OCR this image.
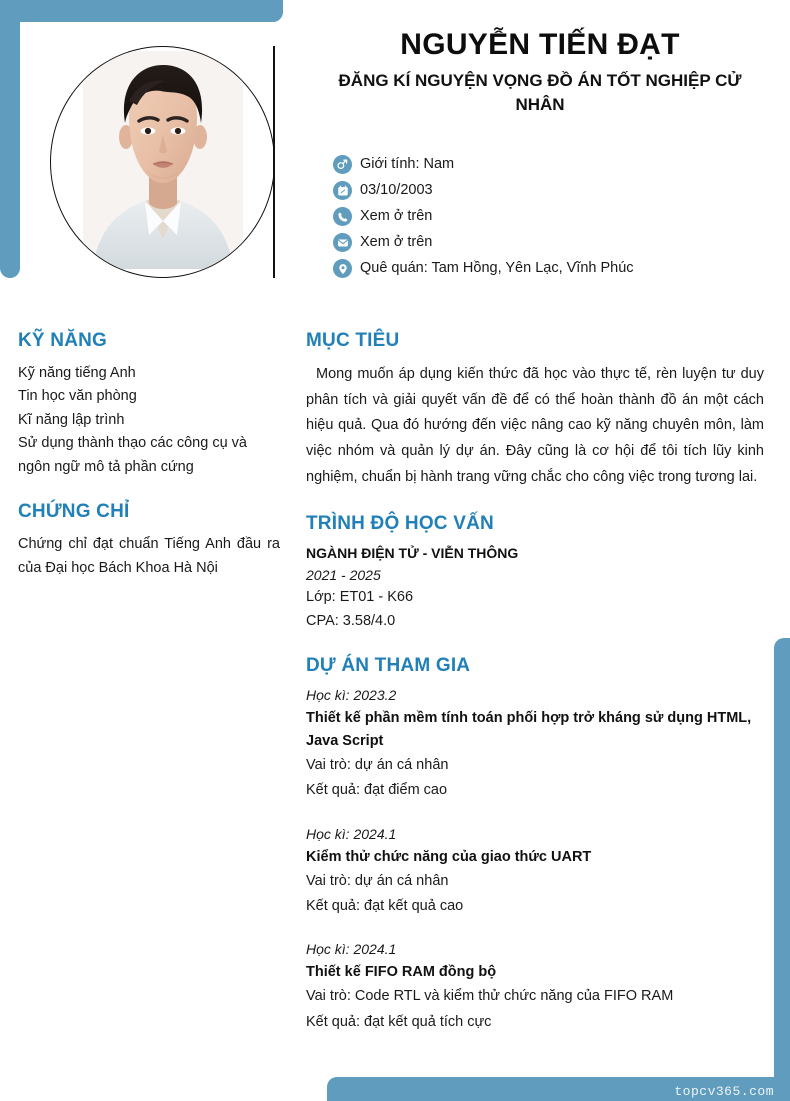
topcv365.com
NGUYỄN TIẾN ĐẠT
ĐĂNG KÍ NGUYỆN VỌNG ĐỒ ÁN TỐT NGHIỆP CỬ NHÂN
Giới tính: Nam
03/10/2003
Xem ở trên
Xem ở trên
Quê quán: Tam Hồng, Yên Lạc, Vĩnh Phúc
KỸ NĂNG
Kỹ năng tiếng Anh
Tin học văn phòng
Kĩ năng lập trình
Sử dụng thành thạo các công cụ và ngôn ngữ mô tả phần cứng
CHỨNG CHỈ

Chứng chỉ đạt chuẩn Tiếng Anh đầu ra của Đại học Bách Khoa Hà Nội

MỤC TIÊU

Mong muốn áp dụng kiến thức đã học vào thực tế, rèn luyện tư duy phân tích và giải quyết vấn đề để có thể hoàn thành đồ án một cách hiệu quả. Qua đó hướng đến việc nâng cao kỹ năng chuyên môn, làm việc nhóm và quản lý dự án. Đây cũng là cơ hội để tôi tích lũy kinh nghiệm, chuẩn bị hành trang vững chắc cho công việc trong tương lai.

TRÌNH ĐỘ HỌC VẤN
NGÀNH ĐIỆN TỬ - VIỄN THÔNG
2021 - 2025
Lớp: ET01 - K66
CPA: 3.58/4.0
DỰ ÁN THAM GIA
Học kì: 2023.2
Thiết kế phần mềm tính toán phối hợp trở kháng sử dụng HTML, Java Script
Vai trò: dự án cá nhân
Kết quả: đạt điểm cao
Học kì: 2024.1
Kiểm thử chức năng của giao thức UART
Vai trò: dự án cá nhân
Kết quả: đạt kết quả cao
Học kì: 2024.1
Thiết kế FIFO RAM đồng bộ
Vai trò: Code RTL và kiểm thử chức năng của FIFO RAM
Kết quả: đạt kết quả tích cực
